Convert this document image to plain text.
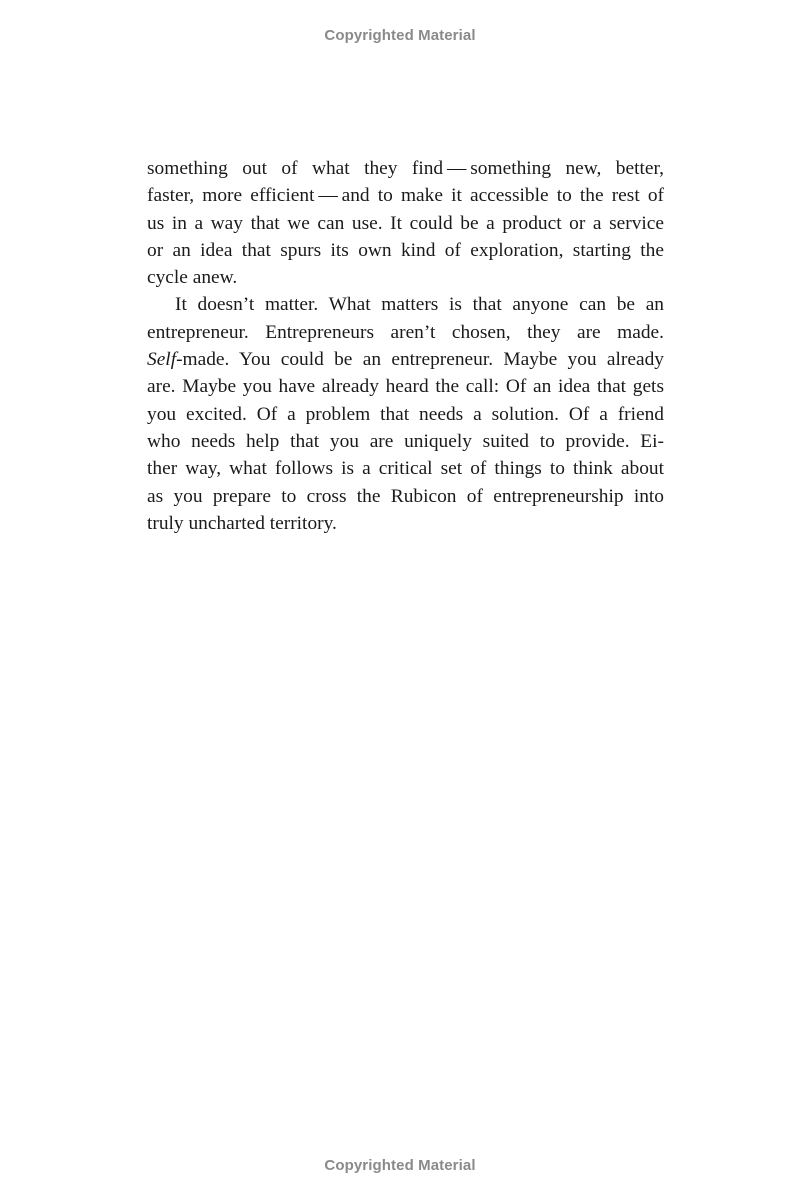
Copyrighted Material
something out of what they find — something new, better,
faster, more efficient — and to make it accessible to the rest of
us in a way that we can use. It could be a product or a service
or an idea that spurs its own kind of exploration, starting the
cycle anew.
It doesn’t matter. What matters is that anyone can be an
entrepreneur. Entrepreneurs aren’t chosen, they are made.
Self-made. You could be an entrepreneur. Maybe you already
are. Maybe you have already heard the call: Of an idea that gets
you excited. Of a problem that needs a solution. Of a friend
who needs help that you are uniquely suited to provide. Ei-
ther way, what follows is a critical set of things to think about
as you prepare to cross the Rubicon of entrepreneurship into
truly uncharted territory.
Copyrighted Material
